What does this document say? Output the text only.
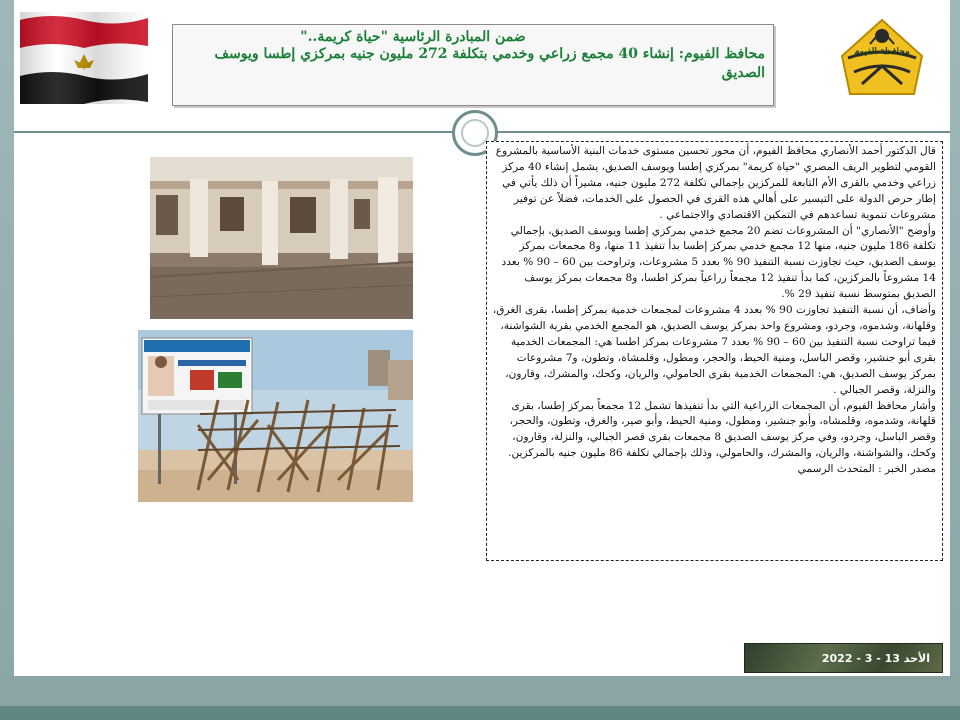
محافظة الفيوم
ضمن المبادرة الرئاسية "حياة كريمة.."
محافظ الفيوم: إنشاء 40 مجمع زراعي وخدمي بتكلفة 272 مليون جنيه بمركزي إطسا ويوسف الصديق

قال الدكتور أحمد الأنصاري محافظ الفيوم، أن محور تحسين مستوى خدمات البنية الأساسية بالمشروع القومي لتطوير الريف المصري "حياة كريمة" بمركزي إطسا ويوسف الصديق، يشمل إنشاء 40 مركز زراعي وخدمي بالقرى الأم التابعة للمركزين بإجمالي تكلفة 272 مليون جنيه، مشيراً أن ذلك يأتي في إطار حرص الدولة على التيسير على أهالي هذه القرى في الحصول على الخدمات، فضلاً عن توفير مشروعات تنموية تساعدهم في التمكين الاقتصادي والاجتماعي .

وأوضح "الأنصاري" أن المشروعات تضم 20 مجمع خدمي بمركزي إطسا ويوسف الصديق، بإجمالي تكلفة 186 مليون جنيه، منها 12 مجمع خدمي بمركز إطسا بدأ تنفيذ 11 منها، و8 مجمعات بمركز يوسف الصديق، حيث تجاوزت نسبة التنفيذ 90 % بعدد 5 مشروعات، وتراوحت بين 60 – 90 % بعدد 14 مشروعاً بالمركزين، كما بدأ تنفيذ 12 مجمعاً زراعياً بمركز اطسا، و8 مجمعات بمركز يوسف الصديق بمتوسط نسبة تنفيذ 29 %.

وأضاف، أن نسبة التنفيذ تجاوزت 90 % بعدد 4 مشروعات لمجمعات خدمية بمركز إطسا، بقرى الغرق، وقلهانة، وشدموه، وجردو، ومشروع واحد بمركز يوسف الصديق، هو المجمع الخدمي بقرية الشواشنة، فيما تراوحت نسبة التنفيذ بين 60 – 90 % بعدد 7 مشروعات بمركز اطسا هي: المجمعات الخدمية بقرى أبو جنشير، وقصر الباسل، ومنية الحيط، والحجر، ومطول، وقلمشاة، وتطون، و7 مشروعات بمركز يوسف الصديق، هي: المجمعات الخدمية بقرى الحامولي، والريان، وكحك، والمشرك، وقارون، والنزلة، وقصر الجبالي .

وأشار محافظ الفيوم، أن المجمعات الزراعية التي بدأ تنفيذها تشمل 12 مجمعاً بمركز إطسا، بقرى قلهانة، وشدموه، وقلمشاه، وأبو جنشير، ومطول، ومنية الحيط، وأبو صير، والغرق، وتطون، والحجر، وقصر الباسل، وجردو، وفي مركز يوسف الصديق 8 مجمعات بقرى قصر الجبالي، والنزلة، وقارون، وكحك، والشواشنة، والريان، والمشرك، والحامولي، وذلك بإجمالي تكلفة 86 مليون جنيه بالمركزين.

مصدر الخبر : المتحدث الرسمي

الأحد 13 - 3 - 2022
